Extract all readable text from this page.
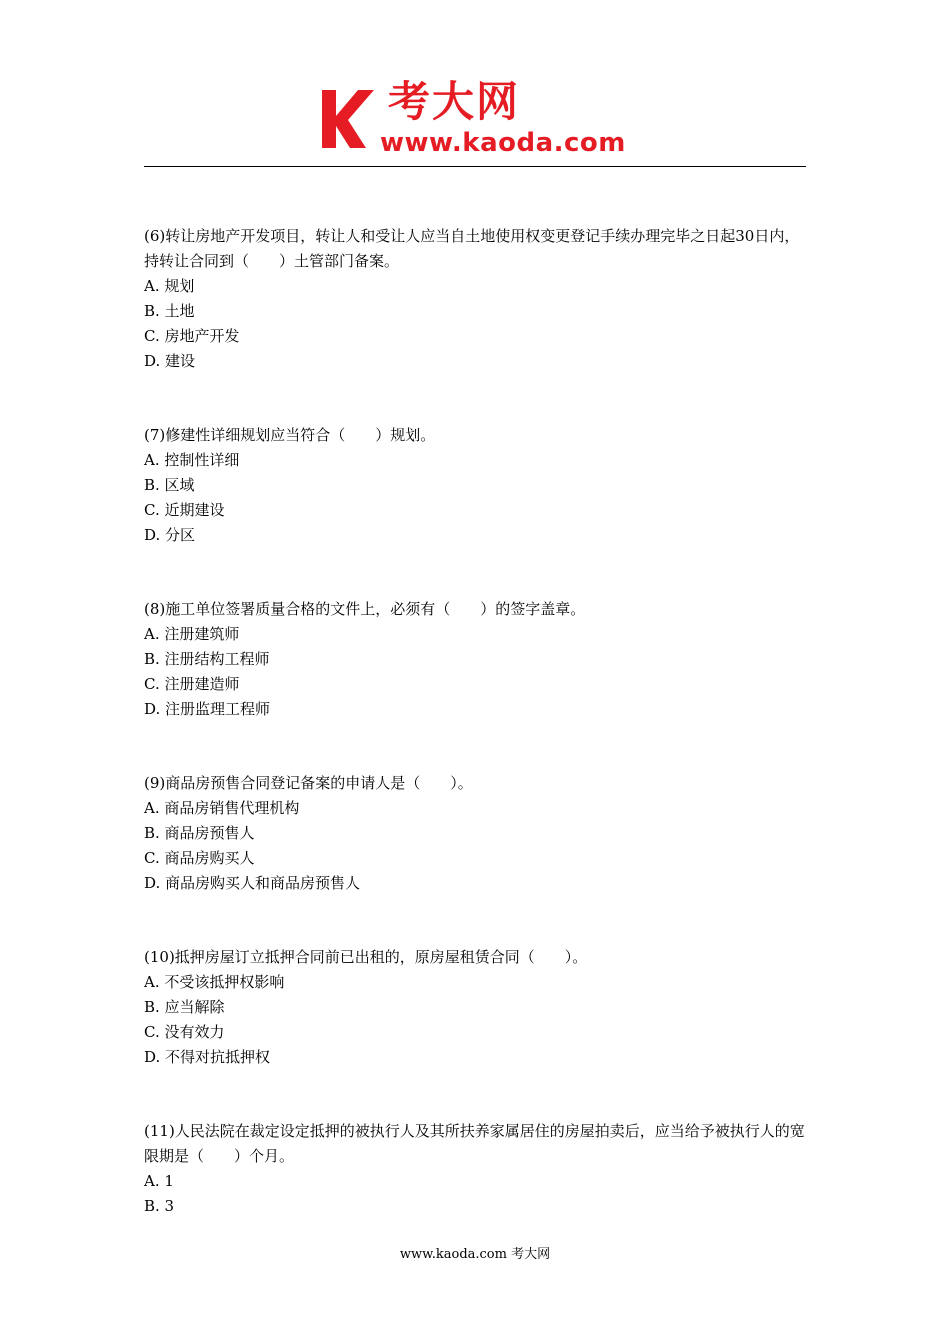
考大网
www.kaoda.com

(6)转让房地产开发项目，转让人和受让人应当自土地使用权变更登记手续办理完毕之日起30日内，持转让合同到（　　）土管部门备案。

A. 规划

B. 土地

C. 房地产开发

D. 建设

(7)修建性详细规划应当符合（　　）规划。

A. 控制性详细

B. 区域

C. 近期建设

D. 分区

(8)施工单位签署质量合格的文件上，必须有（　　）的签字盖章。

A. 注册建筑师

B. 注册结构工程师

C. 注册建造师

D. 注册监理工程师

(9)商品房预售合同登记备案的申请人是（　　）。

A. 商品房销售代理机构

B. 商品房预售人

C. 商品房购买人

D. 商品房购买人和商品房预售人

(10)抵押房屋订立抵押合同前已出租的，原房屋租赁合同（　　）。

A. 不受该抵押权影响

B. 应当解除

C. 没有效力

D. 不得对抗抵押权

(11)人民法院在裁定设定抵押的被执行人及其所扶养家属居住的房屋拍卖后，应当给予被执行人的宽限期是（　　）个月。

A. 1

B. 3

www.kaoda.com 考大网
